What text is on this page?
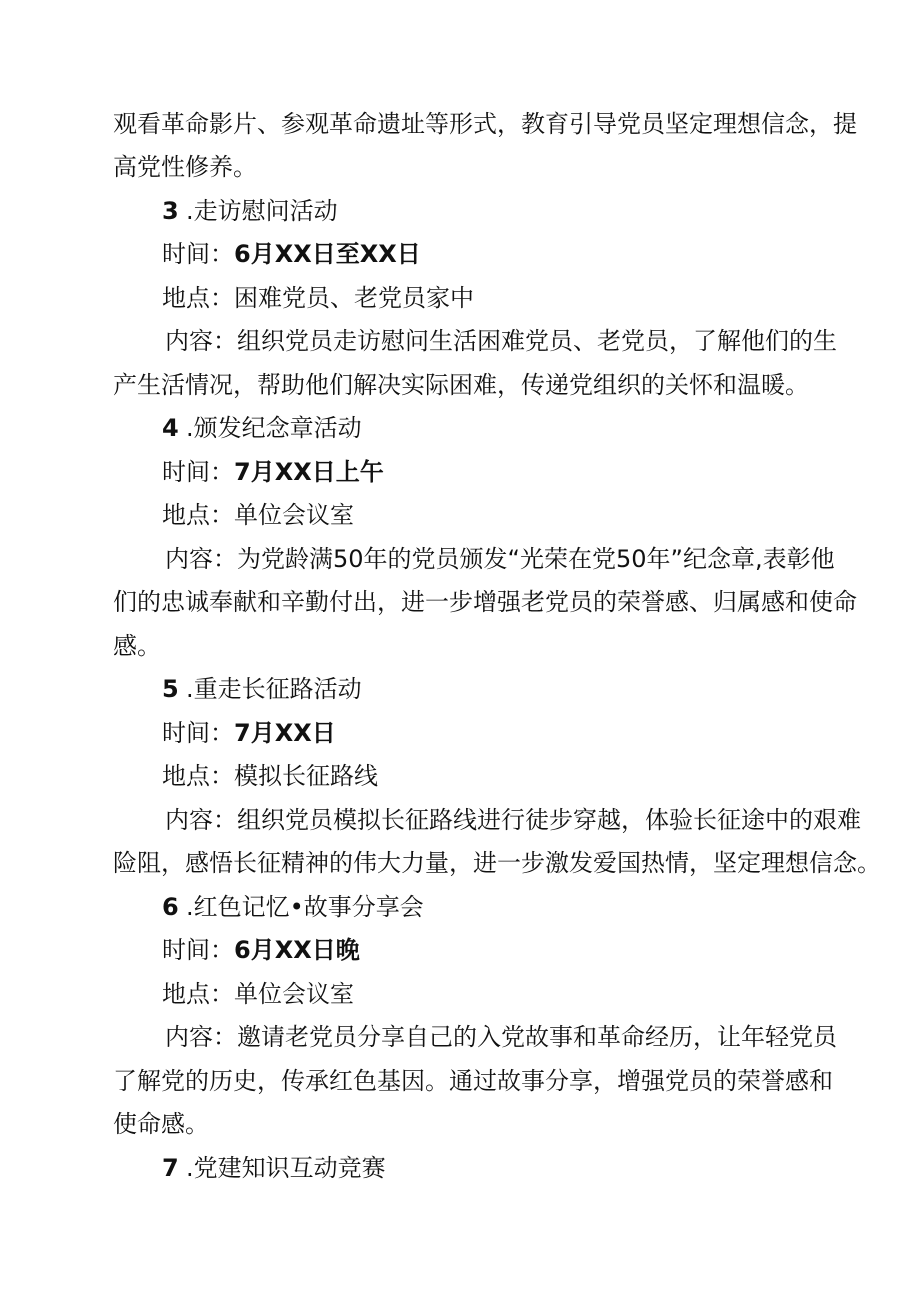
观看革命影片、参观革命遗址等形式，教育引导党员坚定理想信念，提
高党性修养。
3 .走访慰问活动
时间：6月XX日至XX日
地点：困难党员、老党员家中
内容：组织党员走访慰问生活困难党员、老党员，了解他们的生
产生活情况，帮助他们解决实际困难，传递党组织的关怀和温暖。
4 .颁发纪念章活动
时间：7月XX日上午
地点：单位会议室
内容：为党龄满50年的党员颁发“光荣在党50年”纪念章,表彰他
们的忠诚奉献和辛勤付出，进一步增强老党员的荣誉感、归属感和使命
感。
5 .重走长征路活动
时间：7月XX日
地点：模拟长征路线
内容：组织党员模拟长征路线进行徒步穿越，体验长征途中的艰难
险阻，感悟长征精神的伟大力量，进一步激发爱国热情，坚定理想信念。
6 .红色记忆•故事分享会
时间：6月XX日晚
地点：单位会议室
内容：邀请老党员分享自己的入党故事和革命经历，让年轻党员
了解党的历史，传承红色基因。通过故事分享，增强党员的荣誉感和
使命感。
7 .党建知识互动竞赛
